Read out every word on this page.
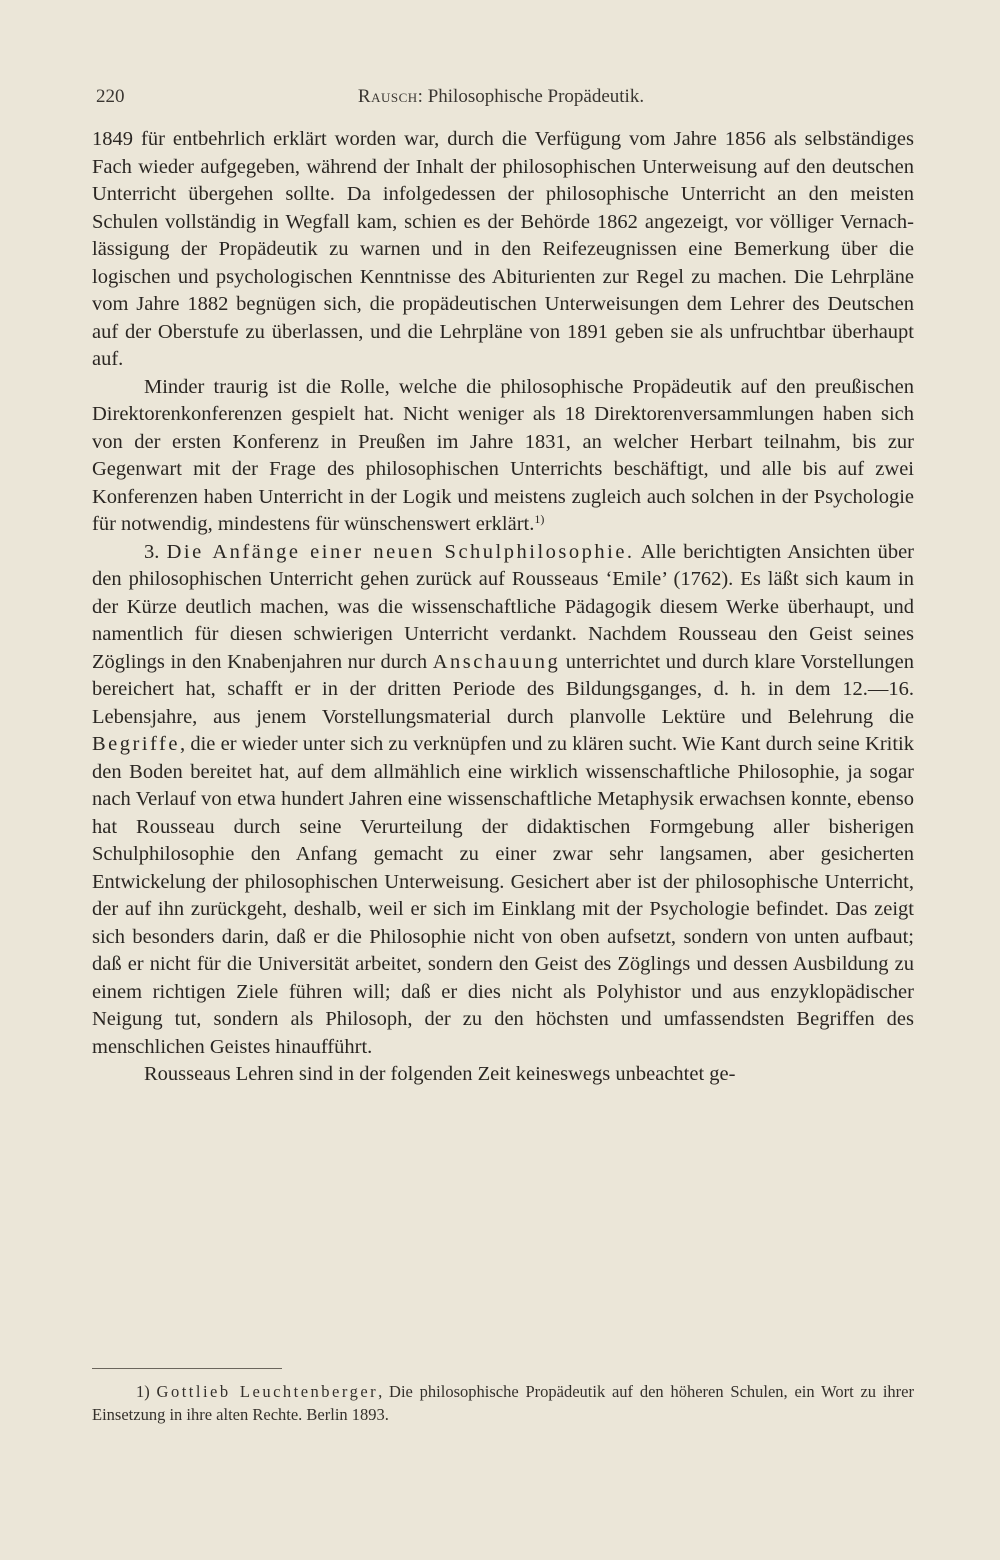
220	Rausch: Philosophische Propädeutik.

1849 für entbehrlich erklärt worden war, durch die Verfügung vom Jahre 1856 als selbständiges Fach wieder aufgegeben, während der Inhalt der philosophischen Unterweisung auf den deutschen Unterricht übergehen sollte. Da infolgedessen der philosophische Unterricht an den meisten Schulen vollständig in Wegfall kam, schien es der Behörde 1862 angezeigt, vor völliger Vernachlässigung der Propädeutik zu warnen und in den Reifezeugnissen eine Bemerkung über die logischen und psychologischen Kenntnisse des Abiturienten zur Regel zu machen. Die Lehrpläne vom Jahre 1882 begnügen sich, die propädeutischen Unterweisungen dem Lehrer des Deutschen auf der Oberstufe zu überlassen, und die Lehrpläne von 1891 geben sie als unfruchtbar überhaupt auf.

Minder traurig ist die Rolle, welche die philosophische Propädeutik auf den preußischen Direktorenkonferenzen gespielt hat. Nicht weniger als 18 Direktorenversammlungen haben sich von der ersten Konferenz in Preußen im Jahre 1831, an welcher Herbart teilnahm, bis zur Gegenwart mit der Frage des philosophischen Unterrichts beschäftigt, und alle bis auf zwei Konferenzen haben Unterricht in der Logik und meistens zugleich auch solchen in der Psychologie für notwendig, mindestens für wünschenswert erklärt.$^{1)}$

3. Die Anfänge einer neuen Schulphilosophie. Alle berichtigten Ansichten über den philosophischen Unterricht gehen zurück auf Rousseaus ‘Emile’ (1762). Es läßt sich kaum in der Kürze deutlich machen, was die wissenschaftliche Pädagogik diesem Werke überhaupt, und namentlich für diesen schwierigen Unterricht verdankt. Nachdem Rousseau den Geist seines Zöglings in den Knabenjahren nur durch Anschauung unterrichtet und durch klare Vorstellungen bereichert hat, schafft er in der dritten Periode des Bildungsganges, d. h. in dem 12.—16. Lebensjahre, aus jenem Vorstellungsmaterial durch planvolle Lektüre und Belehrung die Begriffe, die er wieder unter sich zu verknüpfen und zu klären sucht. Wie Kant durch seine Kritik den Boden bereitet hat, auf dem allmählich eine wirklich wissenschaftliche Philosophie, ja sogar nach Verlauf von etwa hundert Jahren eine wissenschaftliche Metaphysik erwachsen konnte, ebenso hat Rousseau durch seine Verurteilung der didaktischen Formgebung aller bisherigen Schulphilosophie den Anfang gemacht zu einer zwar sehr langsamen, aber gesicherten Entwickelung der philosophischen Unterweisung. Gesichert aber ist der philosophische Unterricht, der auf ihn zurückgeht, deshalb, weil er sich im Einklang mit der Psychologie befindet. Das zeigt sich besonders darin, daß er die Philosophie nicht von oben aufsetzt, sondern von unten aufbaut; daß er nicht für die Universität arbeitet, sondern den Geist des Zöglings und dessen Ausbildung zu einem richtigen Ziele führen will; daß er dies nicht als Polyhistor und aus enzyklopädischer Neigung tut, sondern als Philosoph, der zu den höchsten und umfassendsten Begriffen des menschlichen Geistes hinaufführt.

Rousseaus Lehren sind in der folgenden Zeit keineswegs unbeachtet ge-

1) Gottlieb Leuchtenberger, Die philosophische Propädeutik auf den höheren Schulen, ein Wort zu ihrer Einsetzung in ihre alten Rechte. Berlin 1893.
